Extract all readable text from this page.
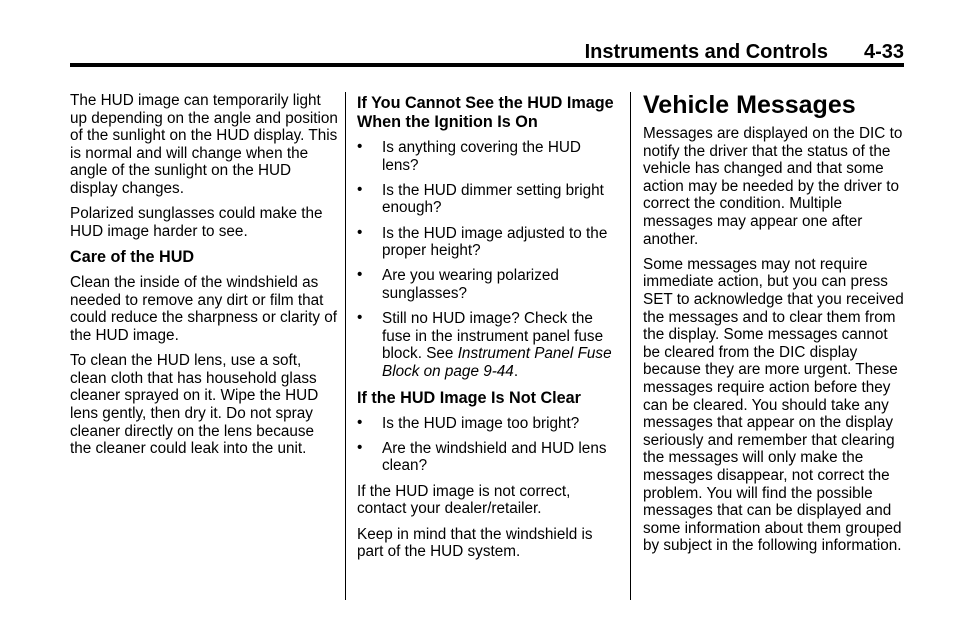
Instruments and Controls 4-33

The HUD image can temporarily light up depending on the angle and position of the sunlight on the HUD display. This is normal and will change when the angle of the sunlight on the HUD display changes.

Polarized sunglasses could make the HUD image harder to see.

Care of the HUD

Clean the inside of the windshield as needed to remove any dirt or film that could reduce the sharpness or clarity of the HUD image.

To clean the HUD lens, use a soft, clean cloth that has household glass cleaner sprayed on it. Wipe the HUD lens gently, then dry it. Do not spray cleaner directly on the lens because the cleaner could leak into the unit.

If You Cannot See the HUD Image When the Ignition Is On
• Is anything covering the HUD lens?
• Is the HUD dimmer setting bright enough?
• Is the HUD image adjusted to the proper height?
• Are you wearing polarized sunglasses?
• Still no HUD image? Check the fuse in the instrument panel fuse block. See Instrument Panel Fuse Block on page 9-44.
If the HUD Image Is Not Clear
• Is the HUD image too bright?
• Are the windshield and HUD lens clean?

If the HUD image is not correct, contact your dealer/retailer.

Keep in mind that the windshield is part of the HUD system.

Vehicle Messages

Messages are displayed on the DIC to notify the driver that the status of the vehicle has changed and that some action may be needed by the driver to correct the condition. Multiple messages may appear one after another.

Some messages may not require immediate action, but you can press SET to acknowledge that you received the messages and to clear them from the display. Some messages cannot be cleared from the DIC display because they are more urgent. These messages require action before they can be cleared. You should take any messages that appear on the display seriously and remember that clearing the messages will only make the messages disappear, not correct the problem. You will find the possible messages that can be displayed and some information about them grouped by subject in the following information.
